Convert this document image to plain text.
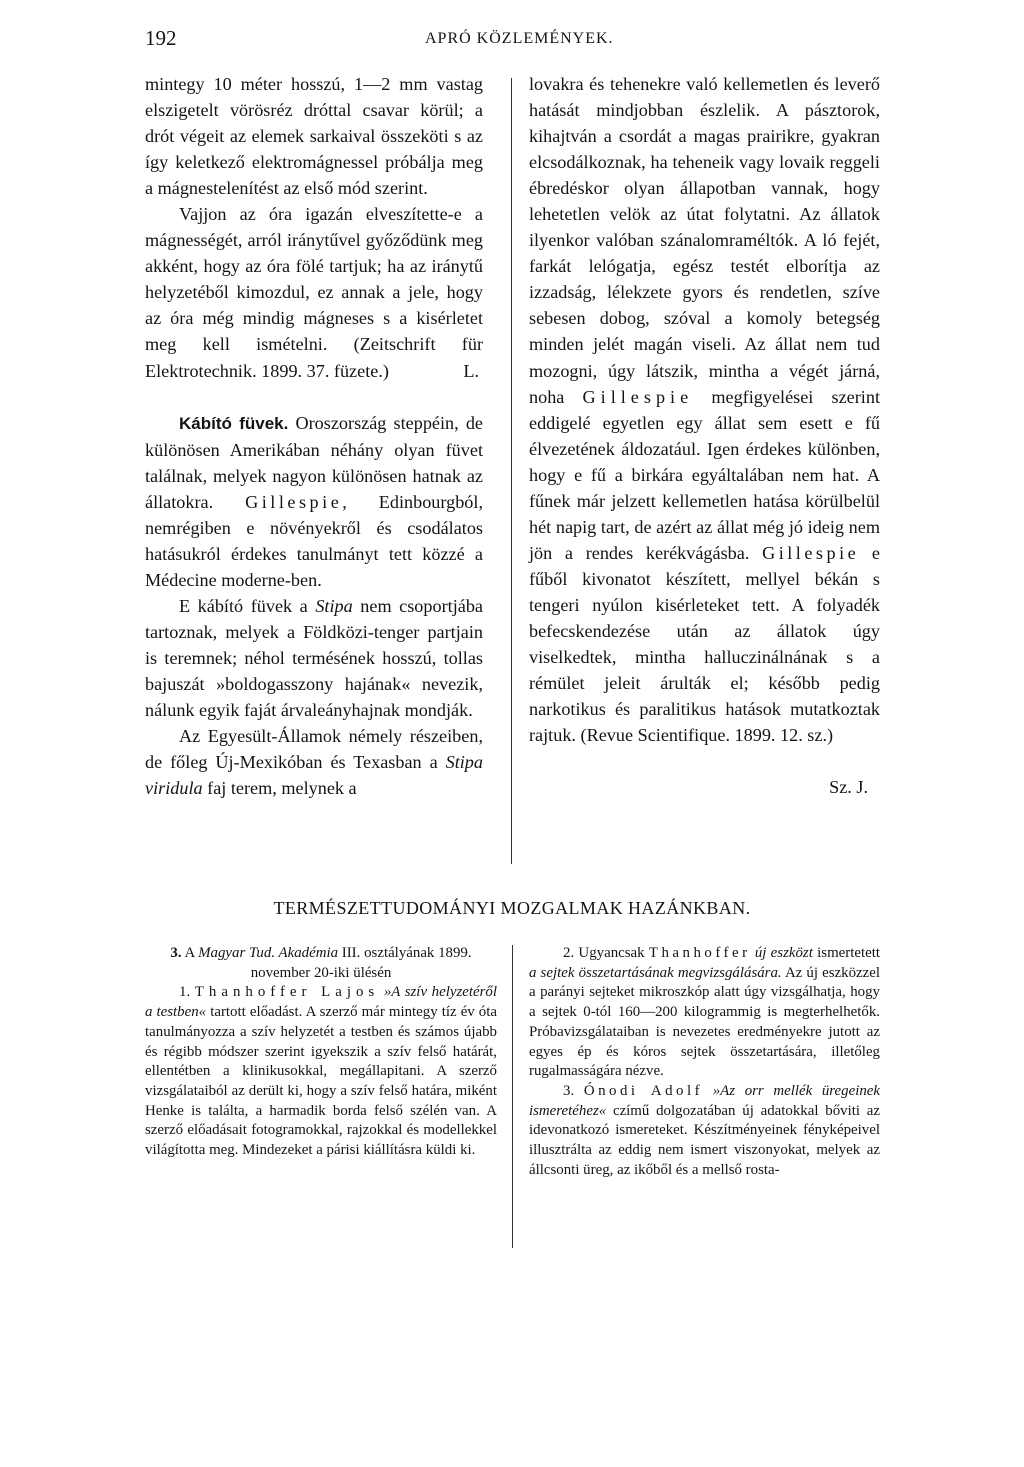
192	APRÓ KÖZLEMÉNYEK.

mintegy 10 méter hosszú, 1—2 mm vastag elszigetelt vörösréz dróttal csavar körül; a drót végeit az elemek sarkaival összeköti s az így keletkező elektromágnessel próbálja meg a mágnestelenítést az első mód szerint.

Vajjon az óra igazán elveszítette-e a mágnességét, arról iránytűvel győződünk meg akként, hogy az óra fölé tartjuk; ha az iránytű helyzetéből kimozdul, ez annak a jele, hogy az óra még mindig mágneses s a kisérletet meg kell ismételni. (Zeitschrift für Elektrotechnik. 1899. 37. füzete.)	L.

Kábító füvek. Oroszország steppéin, de különösen Amerikában néhány olyan füvet találnak, melyek nagyon különösen hatnak az állatokra. Gillespie, Edinbourgból, nemrégiben e növényekről és csodálatos hatásukról érdekes tanulmányt tett közzé a Médecine moderne-ben.

E kábító füvek a Stipa nem csoportjába tartoznak, melyek a Földközi-tenger partjain is teremnek; néhol termésének hosszú, tollas bajuszát »boldogasszony hajának« nevezik, nálunk egyik faját árvaleányhajnak mondják.

Az Egyesült-Államok némely részeiben, de főleg Új-Mexikóban és Texasban a Stipa viridula faj terem, melynek a

lovakra és tehenekre való kellemetlen és leverő hatását mindjobban észlelik. A pásztorok, kihajtván a csordát a magas prairikre, gyakran elcsodálkoznak, ha teheneik vagy lovaik reggeli ébredéskor olyan állapotban vannak, hogy lehetetlen velök az útat folytatni. Az állatok ilyenkor valóban szánalomraméltók. A ló fejét, farkát lelógatja, egész testét elborítja az izzadság, lélekzete gyors és rendetlen, szíve sebesen dobog, szóval a komoly betegség minden jelét magán viseli. Az állat nem tud mozogni, úgy látszik, mintha a végét járná, noha Gillespie megfigyelései szerint eddigelé egyetlen egy állat sem esett e fű élvezetének áldozatául. Igen érdekes különben, hogy e fű a birkára egyáltalában nem hat. A fűnek már jelzett kellemetlen hatása körülbelül hét napig tart, de azért az állat még jó ideig nem jön a rendes kerékvágásba. Gillespie e fűből kivonatot készített, mellyel békán s tengeri nyúlon kisérleteket tett. A folyadék befecskendezése után az állatok úgy viselkedtek, mintha halluczinálnának s a rémület jeleit árulták el; később pedig narkotikus és paralitikus hatások mutatkoztak rajtuk. (Revue Scientifique. 1899. 12. sz.)

Sz. J.

TERMÉSZETTUDOMÁNYI MOZGALMAK HAZÁNKBAN.

3. A Magyar Tud. Akadémia III. osztályának 1899. november 20-iki ülésén

1. Thanhoffer Lajos »A szív helyzetéről a testben« tartott előadást. A szerző már mintegy tíz év óta tanulmányozza a szív helyzetét a testben és számos újabb és régibb módszer szerint igyekszik a szív felső határát, ellentétben a klinikusokkal, megállapitani. A szerző vizsgálataiból az derült ki, hogy a szív felső határa, miként Henke is találta, a harmadik borda felső szélén van. A szerző előadásait fotogramokkal, rajzokkal és modellekkel világította meg. Mindezeket a párisi kiállításra küldi ki.

2. Ugyancsak Thanhoffer új eszközt ismertetett a sejtek összetartásának megvizsgálására. Az új eszközzel a parányi sejteket mikroszkóp alatt úgy vizsgálhatja, hogy a sejtek 0-tól 160—200 kilogrammig is megterhelhetők. Próbavizsgálataiban is nevezetes eredményekre jutott az egyes ép és kóros sejtek összetartására, illetőleg rugalmasságára nézve.

3. Ónodi Adolf »Az orr mellék üregeinek ismeretéhez« czímű dolgozatában új adatokkal bőviti az idevonatkozó ismereteket. Készítményeinek fényképeivel illusztrálta az eddig nem ismert viszonyokat, melyek az állcsonti üreg, az ikőből és a mellső rosta-
